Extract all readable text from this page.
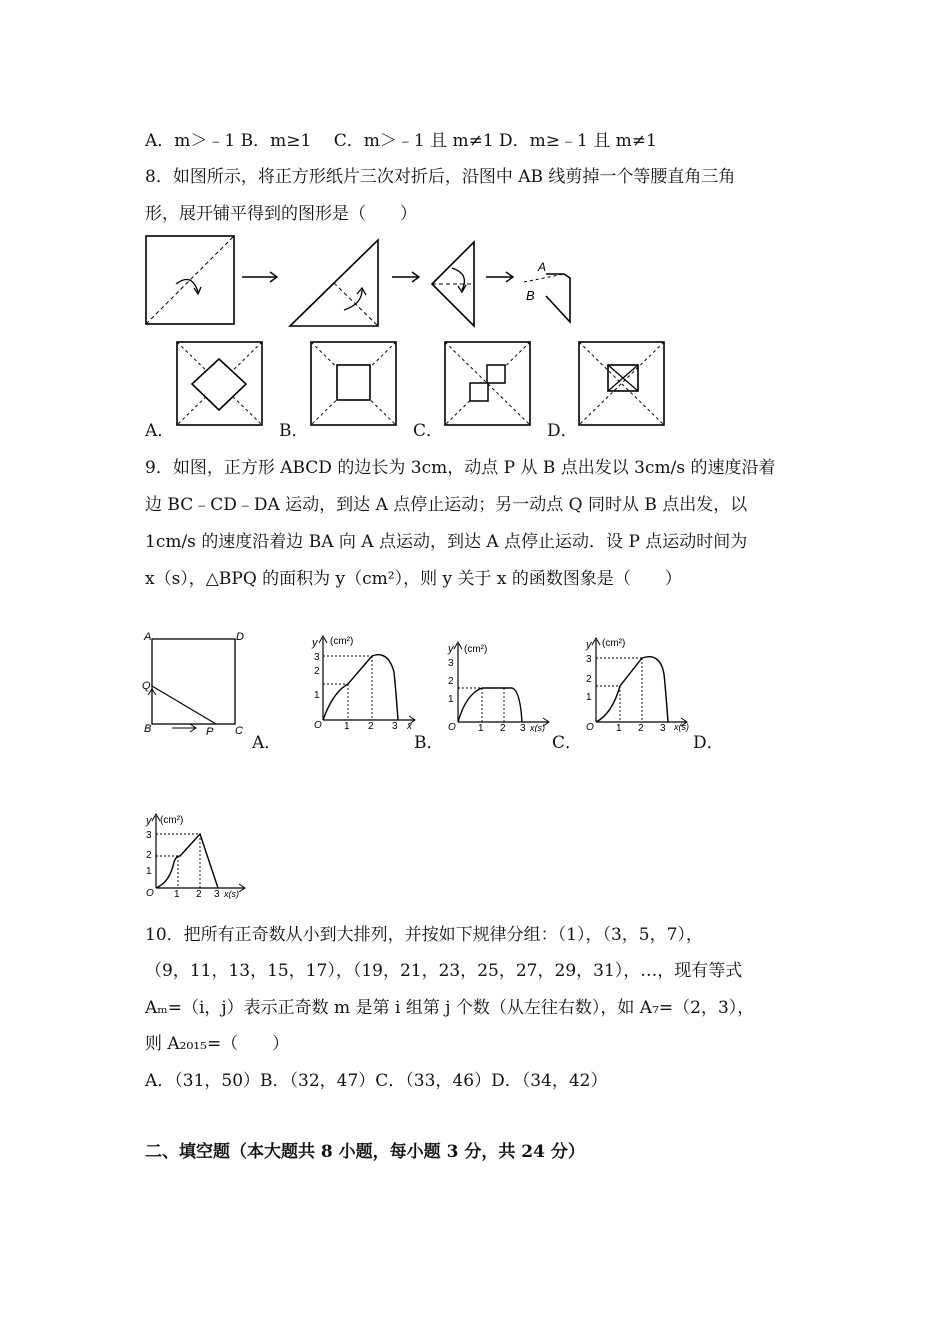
A．m＞﹣1 B．m≥1　 C．m＞﹣1 且 m≠1 D．m≥﹣1 且 m≠1
8．如图所示，将正方形纸片三次对折后，沿图中 AB 线剪掉一个等腰直角三角
形，展开铺平得到的图形是（　　）
A
B
A．	B．	C．	D．
9．如图，正方形 ABCD 的边长为 3cm，动点 P 从 B 点出发以 3cm/s 的速度沿着
边 BC﹣CD﹣DA 运动，到达 A 点停止运动；另一动点 Q 同时从 B 点出发，以
1cm/s 的速度沿着边 BA 向 A 点运动，到达 A 点停止运动．设 P 点运动时间为
x（s），△BPQ 的面积为 y（cm²），则 y 关于 x 的函数图象是（　　）
A	D
Q
B	P C
A．
y (cm²)
3
2
1
O 1 2 3 x
B．
y (cm²)
3
2
1
O 1 2 3 x(s)
C．
y (cm²)
3
2
1
O 1 2 3 x(s)
D．
y (cm²)
3
2
1
O 1 2 3 x(s)
10．把所有正奇数从小到大排列，并按如下规律分组：（1），（3，5，7），
（9，11，13，15，17），（19，21，23，25，27，29，31），…，现有等式
Aₘ=（i，j）表示正奇数 m 是第 i 组第 j 个数（从左往右数），如 A₇=（2，3），
则 A₂₀₁₅=（　　）
A．（31，50）B．（32，47）C．（33，46）D．（34，42）
二、填空题（本大题共 8 小题，每小题 3 分，共 24 分）
